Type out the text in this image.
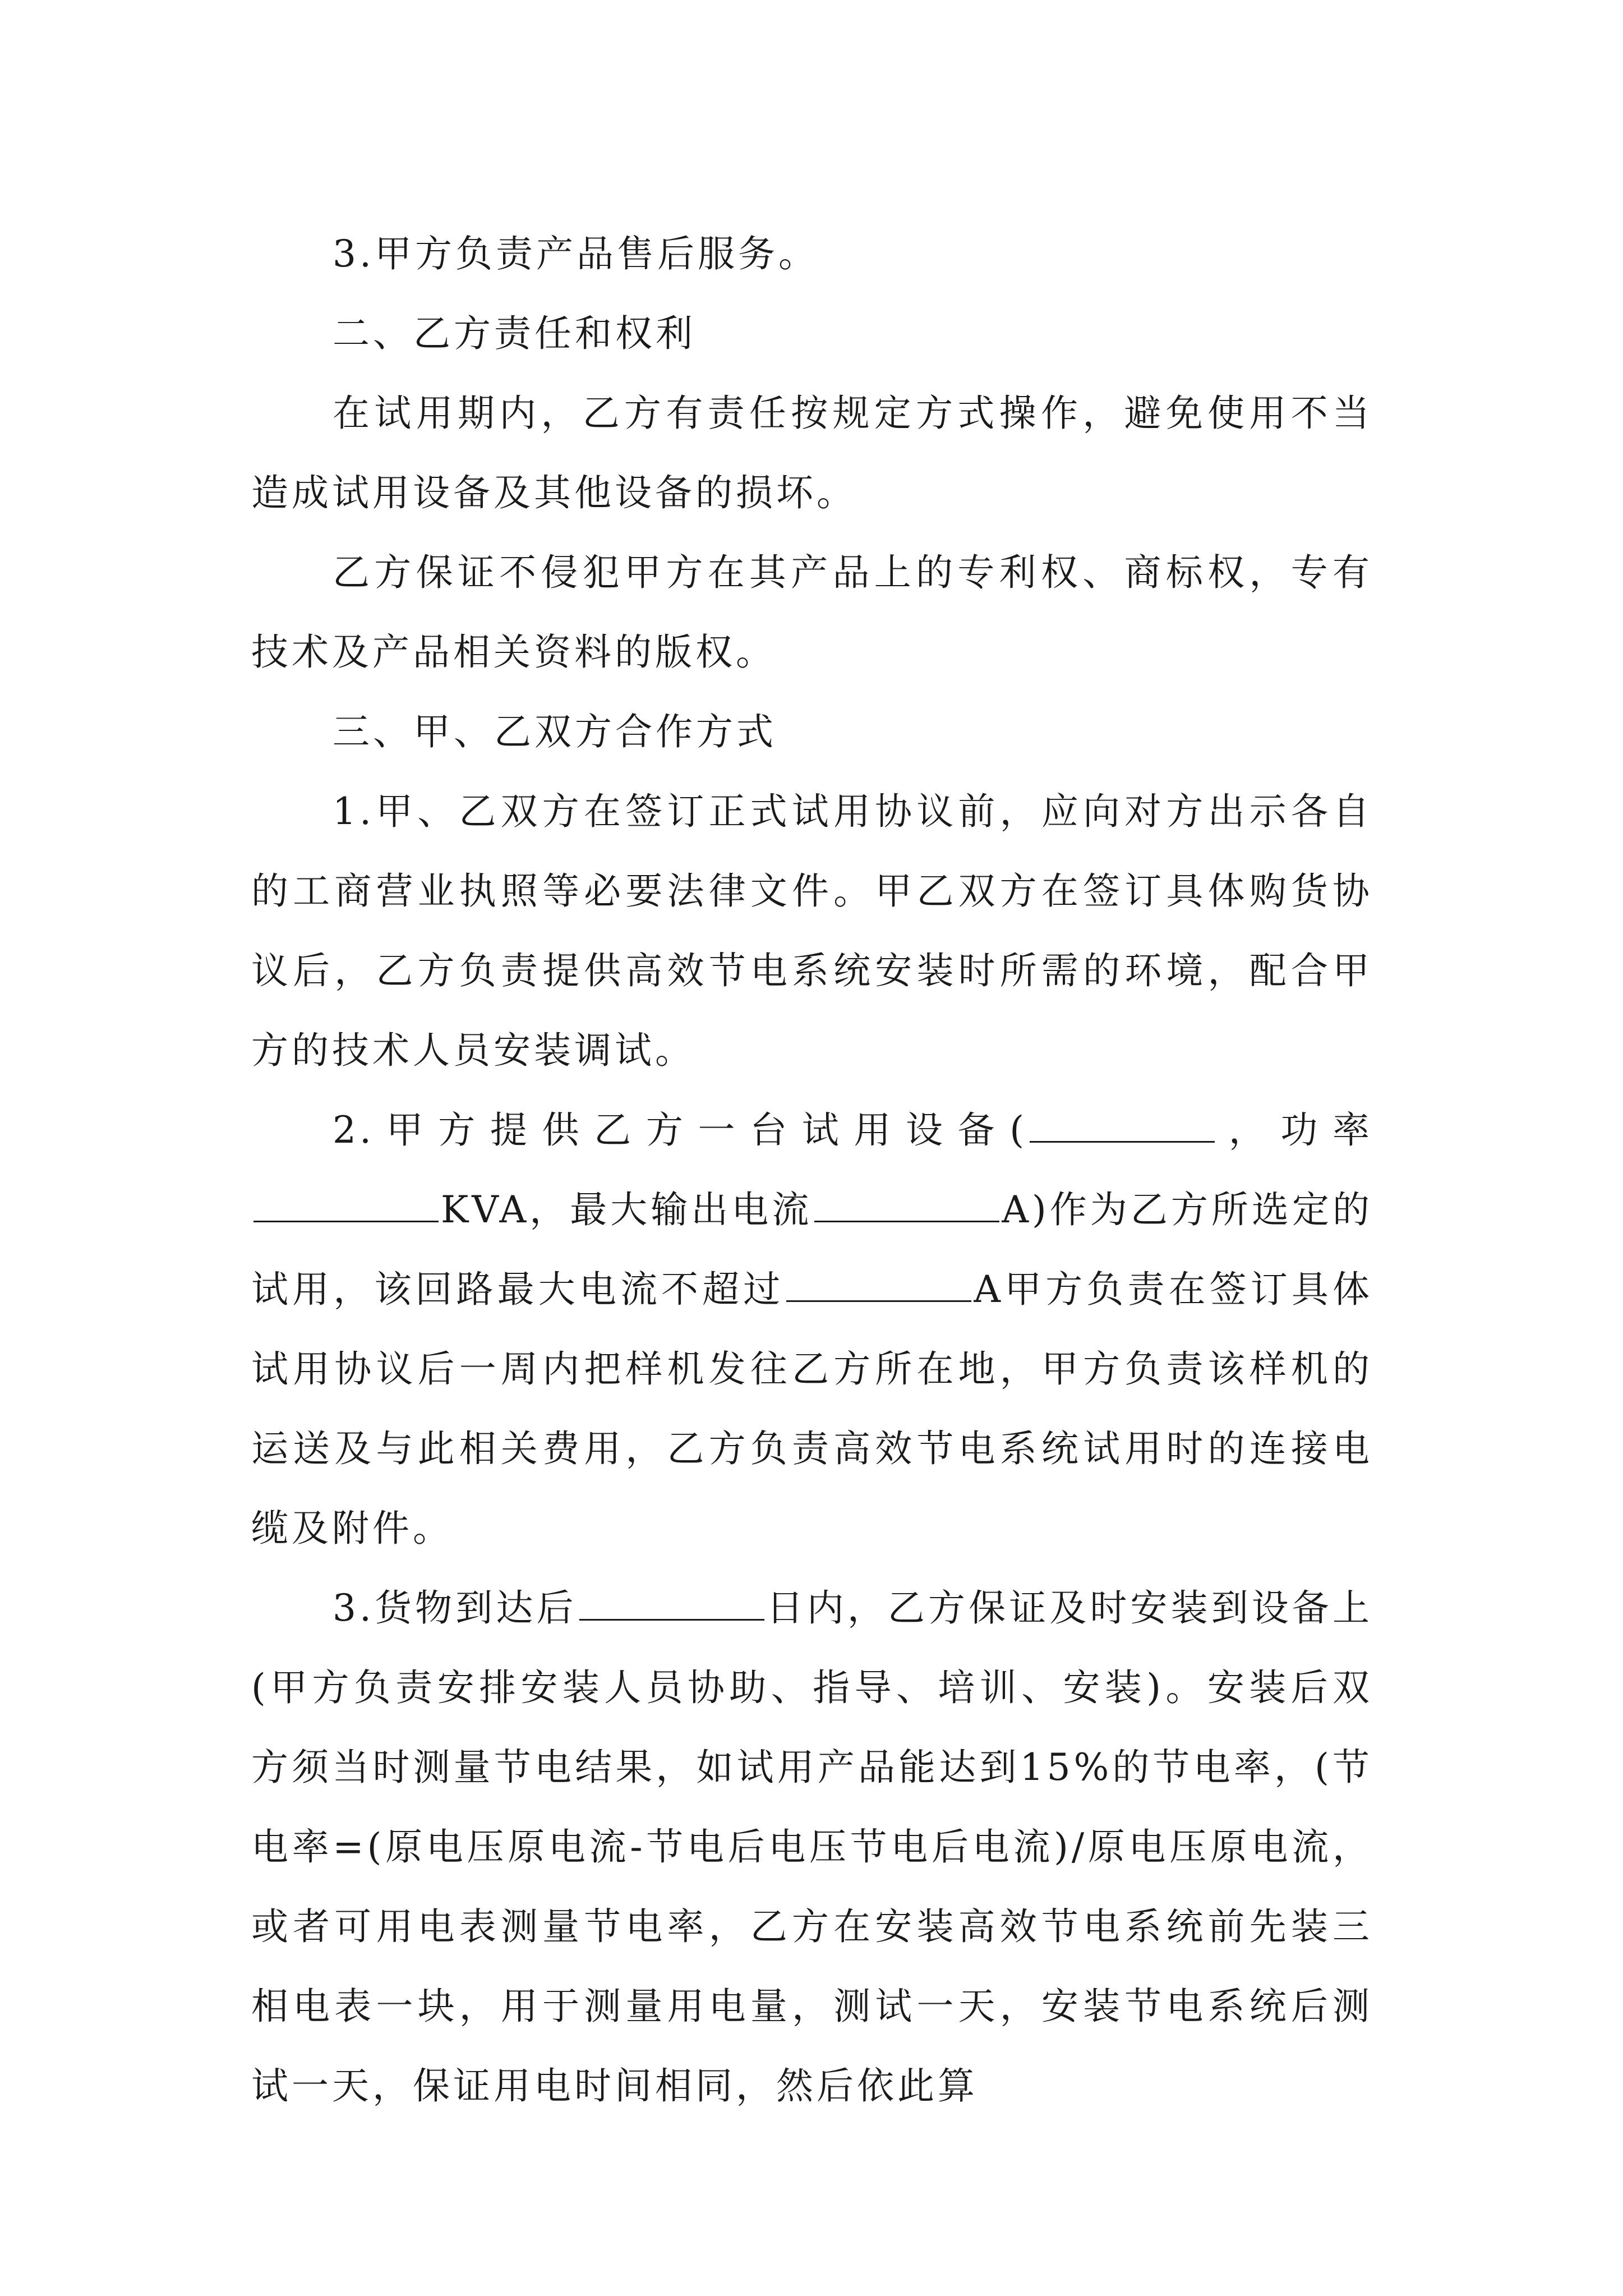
3.甲方负责产品售后服务。

二、乙方责任和权利

在试用期内，乙方有责任按规定方式操作，避免使用不当造成试用设备及其他设备的损坏。

乙方保证不侵犯甲方在其产品上的专利权、商标权，专有技术及产品相关资料的版权。

三、甲、乙双方合作方式

1.甲、乙双方在签订正式试用协议前，应向对方出示各自的工商营业执照等必要法律文件。甲乙双方在签订具体购货协议后，乙方负责提供高效节电系统安装时所需的环境，配合甲方的技术人员安装调试。

2.甲方提供乙方一台试用设备(	，功率KVA，最大输出电流	A)作为乙方所选定的试用，该回路最大电流不超过	A甲方负责在签订具体试用协议后一周内把样机发往乙方所在地，甲方负责该样机的运送及与此相关费用，乙方负责高效节电系统试用时的连接电缆及附件。

3.货物到达后	日内，乙方保证及时安装到设备上(甲方负责安排安装人员协助、指导、培训、安装)。安装后双方须当时测量节电结果，如试用产品能达到15%的节电率，(节电率=(原电压原电流-节电后电压节电后电流)/原电压原电流，或者可用电表测量节电率，乙方在安装高效节电系统前先装三相电表一块，用于测量用电量，测试一天，安装节电系统后测试一天，保证用电时间相同，然后依此算
